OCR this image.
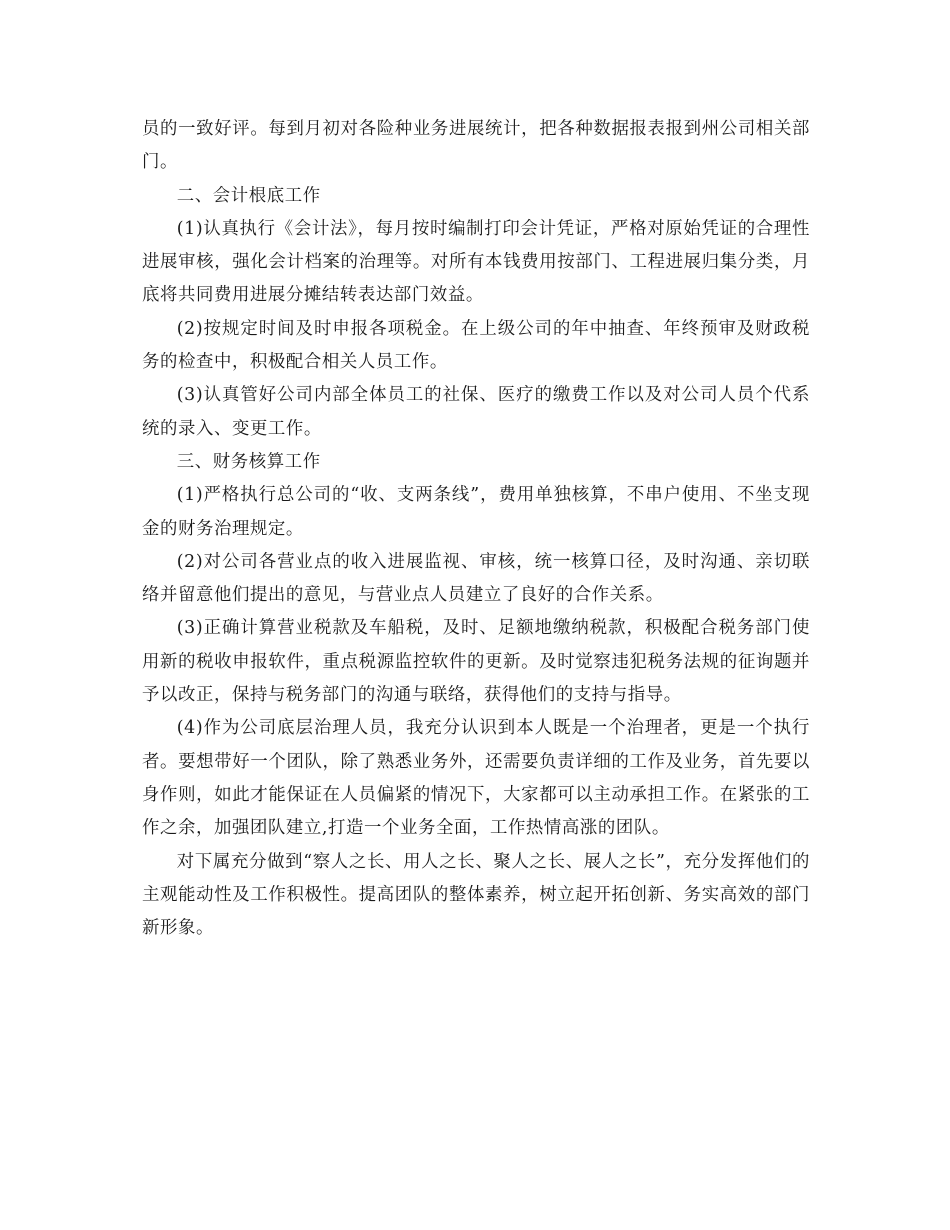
员的一致好评。每到月初对各险种业务进展统计，把各种数据报表报到州公司相关部门。

二、会计根底工作

(1)认真执行《会计法》，每月按时编制打印会计凭证，严格对原始凭证的合理性进展审核，强化会计档案的治理等。对所有本钱费用按部门、工程进展归集分类，月底将共同费用进展分摊结转表达部门效益。

(2)按规定时间及时申报各项税金。在上级公司的年中抽查、年终预审及财政税务的检查中，积极配合相关人员工作。

(3)认真管好公司内部全体员工的社保、医疗的缴费工作以及对公司人员个代系统的录入、变更工作。

三、财务核算工作

(1)严格执行总公司的“收、支两条线”，费用单独核算，不串户使用、不坐支现金的财务治理规定。

(2)对公司各营业点的收入进展监视、审核，统一核算口径，及时沟通、亲切联络并留意他们提出的意见，与营业点人员建立了良好的合作关系。

(3)正确计算营业税款及车船税，及时、足额地缴纳税款，积极配合税务部门使用新的税收申报软件，重点税源监控软件的更新。及时觉察违犯税务法规的征询题并予以改正，保持与税务部门的沟通与联络，获得他们的支持与指导。

(4)作为公司底层治理人员，我充分认识到本人既是一个治理者，更是一个执行者。要想带好一个团队，除了熟悉业务外，还需要负责详细的工作及业务，首先要以身作则，如此才能保证在人员偏紧的情况下，大家都可以主动承担工作。在紧张的工作之余，加强团队建立,打造一个业务全面，工作热情高涨的团队。

对下属充分做到“察人之长、用人之长、聚人之长、展人之长”，充分发挥他们的主观能动性及工作积极性。提高团队的整体素养，树立起开拓创新、务实高效的部门新形象。
